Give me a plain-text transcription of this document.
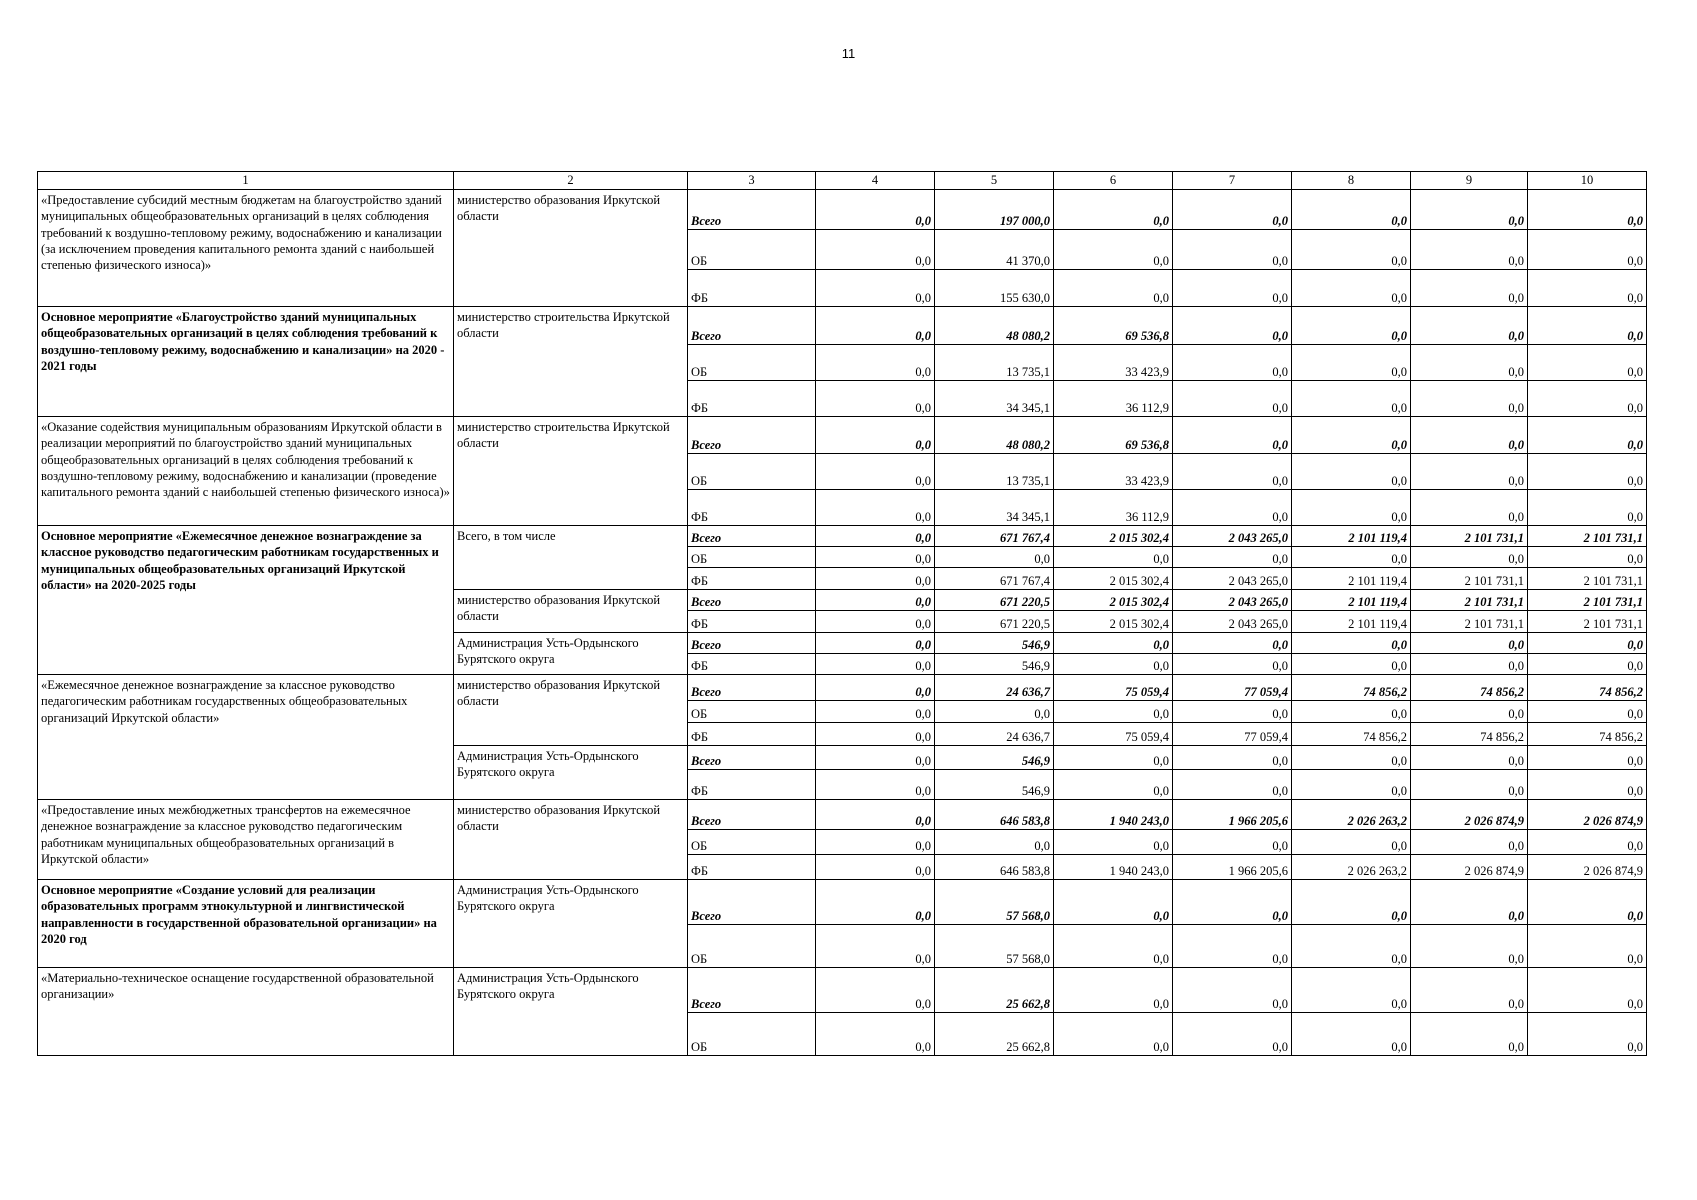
11
1	2	3	4	5	6	7	8	9	10
«Предоставление субсидий местным бюджетам на благоустройство зданий муниципальных общеобразовательных организаций в целях соблюдения требований к воздушно-тепловому режиму, водоснабжению и канализации (за исключением проведения капитального ремонта зданий с наибольшей степенью физического износа)»	министерство образования Иркутской области	Всего	0,0	197 000,0	0,0	0,0	0,0	0,0	0,0
		ОБ	0,0	41 370,0	0,0	0,0	0,0	0,0	0,0
		ФБ	0,0	155 630,0	0,0	0,0	0,0	0,0	0,0
Основное мероприятие «Благоустройство зданий муниципальных общеобразовательных организаций в целях соблюдения требований к воздушно-тепловому режиму, водоснабжению и канализации» на 2020 - 2021 годы	министерство строительства Иркутской области	Всего	0,0	48 080,2	69 536,8	0,0	0,0	0,0	0,0
		ОБ	0,0	13 735,1	33 423,9	0,0	0,0	0,0	0,0
		ФБ	0,0	34 345,1	36 112,9	0,0	0,0	0,0	0,0
«Оказание содействия муниципальным образованиям Иркутской области в реализации мероприятий по благоустройство зданий муниципальных общеобразовательных организаций в целях соблюдения требований к воздушно-тепловому режиму, водоснабжению и канализации (проведение капитального ремонта зданий с наибольшей степенью физического износа)»	министерство строительства Иркутской области	Всего	0,0	48 080,2	69 536,8	0,0	0,0	0,0	0,0
		ОБ	0,0	13 735,1	33 423,9	0,0	0,0	0,0	0,0
		ФБ	0,0	34 345,1	36 112,9	0,0	0,0	0,0	0,0
Основное мероприятие «Ежемесячное денежное вознаграждение за классное руководство педагогическим работникам государственных и муниципальных общеобразовательных организаций Иркутской области» на 2020-2025 годы	Всего, в том числе	Всего	0,0	671 767,4	2 015 302,4	2 043 265,0	2 101 119,4	2 101 731,1	2 101 731,1
		ОБ	0,0	0,0	0,0	0,0	0,0	0,0	0,0
		ФБ	0,0	671 767,4	2 015 302,4	2 043 265,0	2 101 119,4	2 101 731,1	2 101 731,1
	министерство образования Иркутской области	Всего	0,0	671 220,5	2 015 302,4	2 043 265,0	2 101 119,4	2 101 731,1	2 101 731,1
		ФБ	0,0	671 220,5	2 015 302,4	2 043 265,0	2 101 119,4	2 101 731,1	2 101 731,1
	Администрация Усть-Ордынского Бурятского округа	Всего	0,0	546,9	0,0	0,0	0,0	0,0	0,0
		ФБ	0,0	546,9	0,0	0,0	0,0	0,0	0,0
«Ежемесячное денежное вознаграждение за классное руководство педагогическим работникам государственных общеобразовательных организаций Иркутской области»	министерство образования Иркутской области	Всего	0,0	24 636,7	75 059,4	77 059,4	74 856,2	74 856,2	74 856,2
		ОБ	0,0	0,0	0,0	0,0	0,0	0,0	0,0
		ФБ	0,0	24 636,7	75 059,4	77 059,4	74 856,2	74 856,2	74 856,2
	Администрация Усть-Ордынского Бурятского округа	Всего	0,0	546,9	0,0	0,0	0,0	0,0	0,0
		ФБ	0,0	546,9	0,0	0,0	0,0	0,0	0,0
«Предоставление иных межбюджетных трансфертов на ежемесячное денежное вознаграждение за классное руководство педагогическим работникам муниципальных общеобразовательных организаций в Иркутской области»	министерство образования Иркутской области	Всего	0,0	646 583,8	1 940 243,0	1 966 205,6	2 026 263,2	2 026 874,9	2 026 874,9
		ОБ	0,0	0,0	0,0	0,0	0,0	0,0	0,0
		ФБ	0,0	646 583,8	1 940 243,0	1 966 205,6	2 026 263,2	2 026 874,9	2 026 874,9
Основное мероприятие «Создание условий для реализации образовательных программ этнокультурной и лингвистической направленности в государственной образовательной организации» на 2020 год	Администрация Усть-Ордынского Бурятского округа	Всего	0,0	57 568,0	0,0	0,0	0,0	0,0	0,0
		ОБ	0,0	57 568,0	0,0	0,0	0,0	0,0	0,0
«Материально-техническое оснащение государственной образовательной организации»	Администрация Усть-Ордынского Бурятского округа	Всего	0,0	25 662,8	0,0	0,0	0,0	0,0	0,0
		ОБ	0,0	25 662,8	0,0	0,0	0,0	0,0	0,0
